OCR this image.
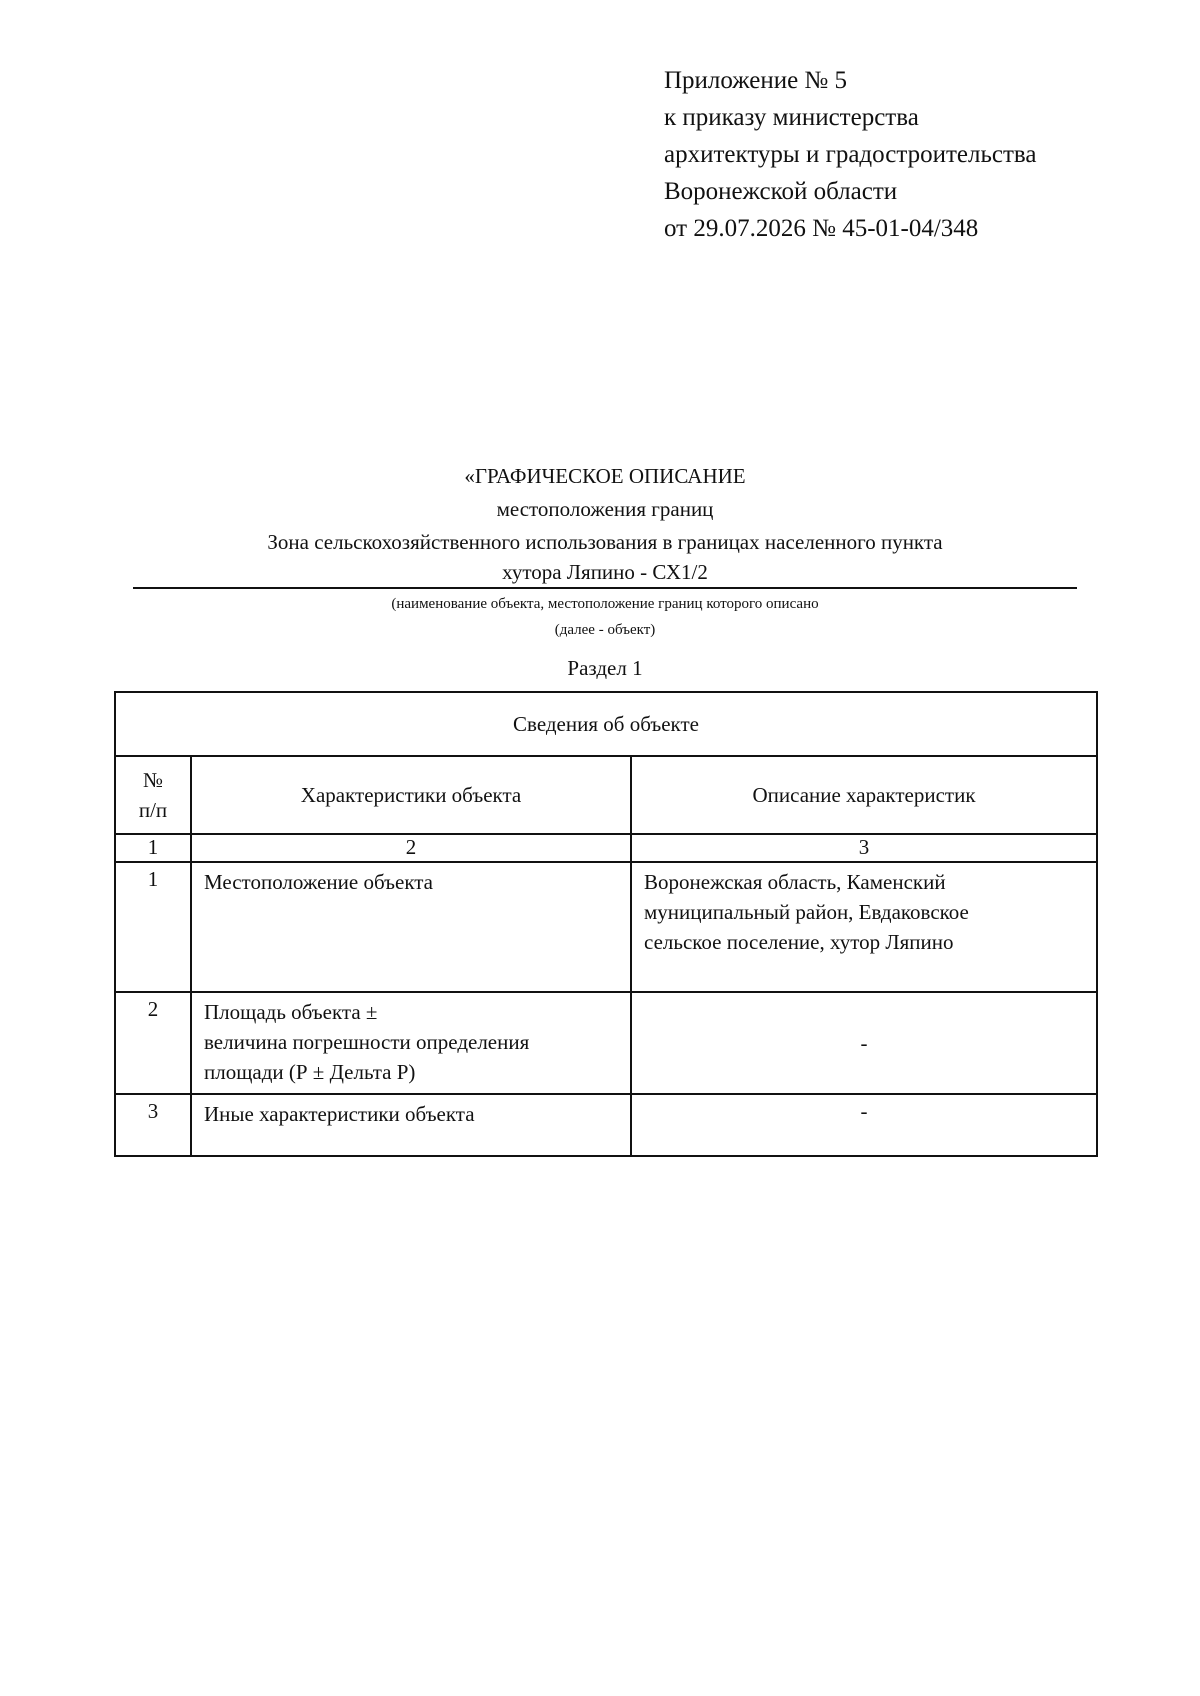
Приложение № 5
к приказу министерства
архитектуры и градостроительства
Воронежской области
от 29.07.2026 № 45-01-04/348
«ГРАФИЧЕСКОЕ ОПИСАНИЕ
местоположения границ
Зона сельскохозяйственного использования в границах населенного пункта
хутора Ляпино - СХ1/2
(наименование объекта, местоположение границ которого описано
(далее - объект)
Раздел 1
Сведения об объекте		

№
п/п	Характеристики объекта	Описание характеристик
1	2	3
1	Местоположение объекта	Воронежская область, Каменский
муниципальный район, Евдаковское
сельское поселение, хутор Ляпино

2	Площадь объекта ±
величина погрешности определения
площади (Р ± Дельта Р)	-
3	Иные характеристики объекта	-
